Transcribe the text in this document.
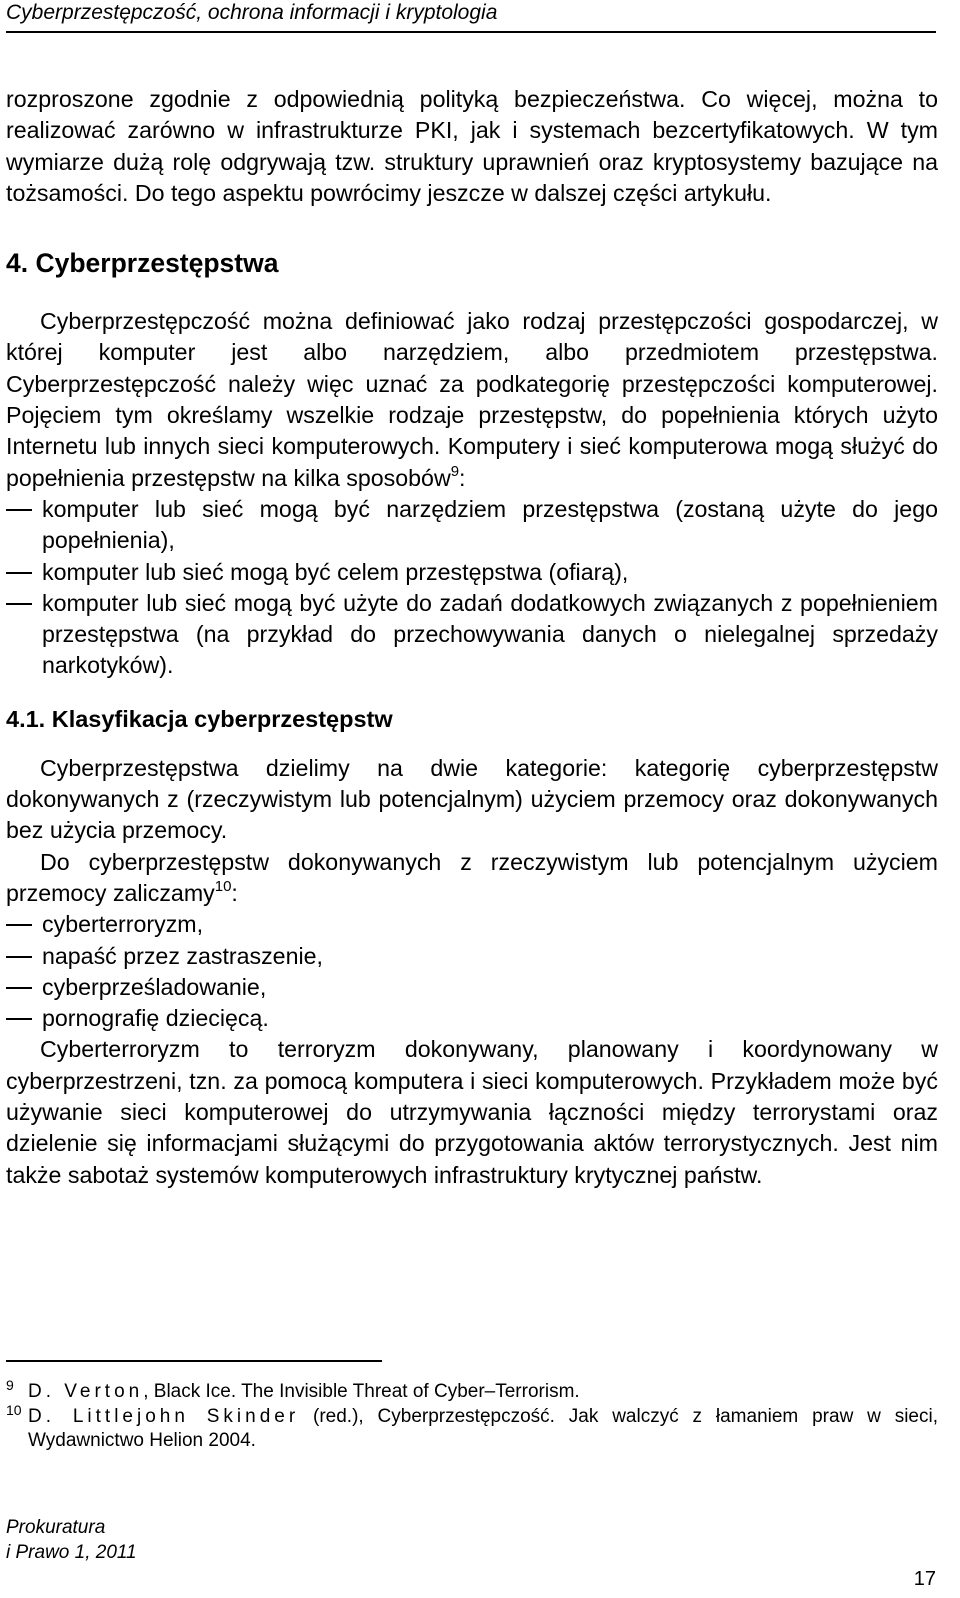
Cyberprzestępczość, ochrona informacji i kryptologia

rozproszone zgodnie z odpowiednią polityką bezpieczeństwa. Co więcej, można to realizować zarówno w infrastrukturze PKI, jak i systemach bezcertyfikatowych. W tym wymiarze dużą rolę odgrywają tzw. struktury uprawnień oraz kryptosystemy bazujące na tożsamości. Do tego aspektu powrócimy jeszcze w dalszej części artykułu.

4. Cyberprzestępstwa

Cyberprzestępczość można definiować jako rodzaj przestępczości gospodarczej, w której komputer jest albo narzędziem, albo przedmiotem przestępstwa. Cyberprzestępczość należy więc uznać za podkategorię przestępczości komputerowej. Pojęciem tym określamy wszelkie rodzaje przestępstw, do popełnienia których użyto Internetu lub innych sieci komputerowych. Komputery i sieć komputerowa mogą służyć do popełnienia przestępstw na kilka sposobów$^9$:

komputer lub sieć mogą być narzędziem przestępstwa (zostaną użyte do jego popełnienia),
komputer lub sieć mogą być celem przestępstwa (ofiarą),
komputer lub sieć mogą być użyte do zadań dodatkowych związanych z popełnieniem przestępstwa (na przykład do przechowywania danych o nielegalnej sprzedaży narkotyków).
4.1. Klasyfikacja cyberprzestępstw

Cyberprzestępstwa dzielimy na dwie kategorie: kategorię cyberprzestępstw dokonywanych z (rzeczywistym lub potencjalnym) użyciem przemocy oraz dokonywanych bez użycia przemocy.

Do cyberprzestępstw dokonywanych z rzeczywistym lub potencjalnym użyciem przemocy zaliczamy$^{10}$:

cyberterroryzm,
napaść przez zastraszenie,
cyberprześladowanie,
pornografię dziecięcą.

Cyberterroryzm to terroryzm dokonywany, planowany i koordynowany w cyberprzestrzeni, tzn. za pomocą komputera i sieci komputerowych. Przykładem może być używanie sieci komputerowej do utrzymywania łączności między terrorystami oraz dzielenie się informacjami służącymi do przygotowania aktów terrorystycznych. Jest nim także sabotaż systemów komputerowych infrastruktury krytycznej państw.

9 D. Verton, Black Ice. The Invisible Threat of Cyber–Terrorism.
10 D. Littlejohn Skinder (red.), Cyberprzestępczość. Jak walczyć z łamaniem praw w sieci, Wydawnictwo Helion 2004.
Prokuratura
i Prawo 1, 2011
17
